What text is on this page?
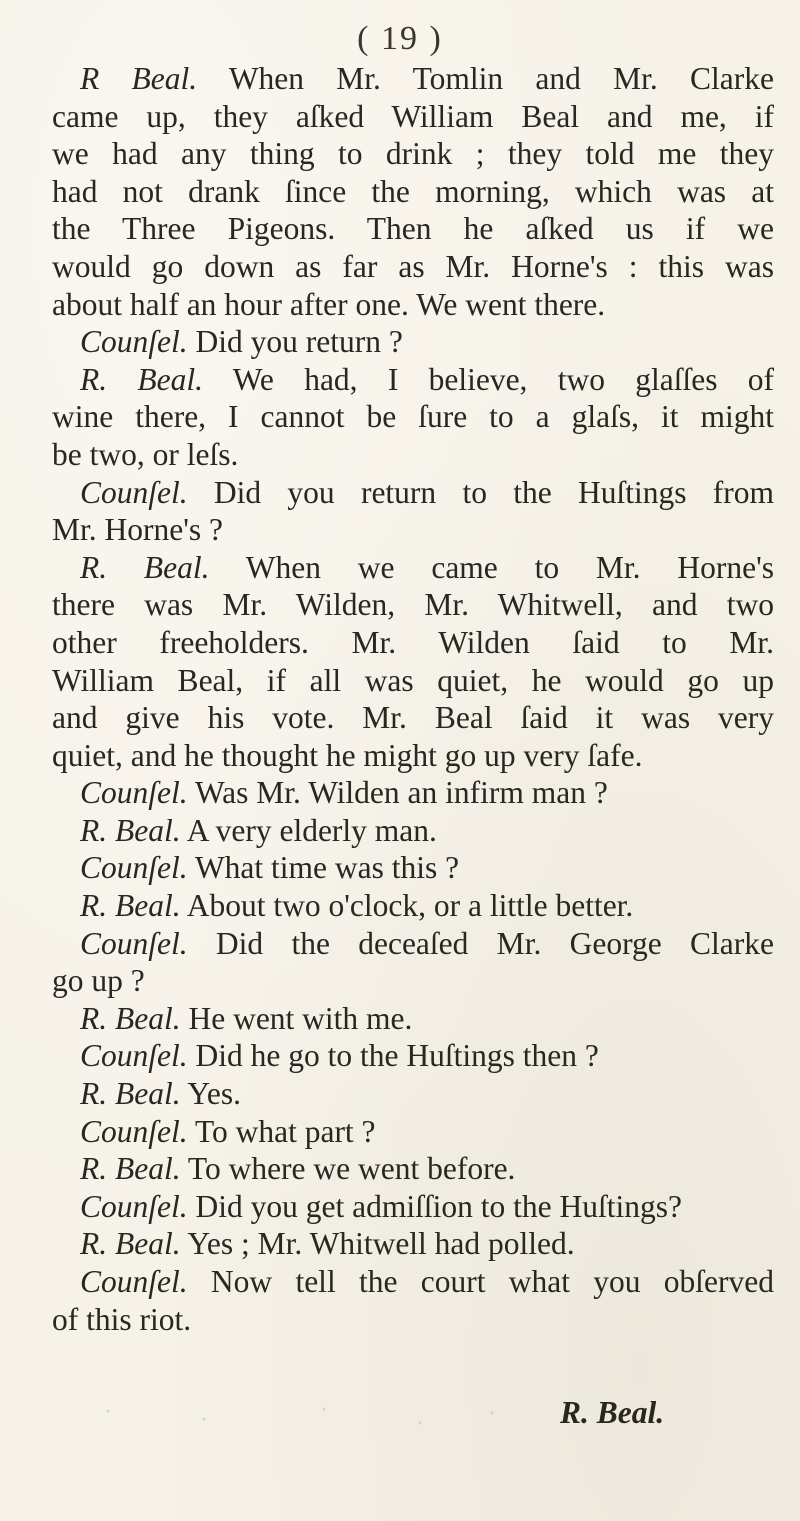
( 19 )
R Beal. When Mr. Tomlin and Mr. Clarke
came up, they aſked William Beal and me, if
we had any thing to drink ; they told me they
had not drank ſince the morning, which was at
the Three Pigeons. Then he aſked us if we
would go down as far as Mr. Horne's : this was
about half an hour after one. We went there.
Counſel. Did you return ?
R. Beal. We had, I believe, two glaſſes of
wine there, I cannot be ſure to a glaſs, it might
be two, or leſs.
Counſel. Did you return to the Huſtings from
Mr. Horne's ?
R. Beal. When we came to Mr. Horne's
there was Mr. Wilden, Mr. Whitwell, and two
other freeholders. Mr. Wilden ſaid to Mr.
William Beal, if all was quiet, he would go up
and give his vote. Mr. Beal ſaid it was very
quiet, and he thought he might go up very ſafe.
Counſel. Was Mr. Wilden an infirm man ?
R. Beal. A very elderly man.
Counſel. What time was this ?
R. Beal. About two o'clock, or a little better.
Counſel. Did the deceaſed Mr. George Clarke
go up ?
R. Beal. He went with me.
Counſel. Did he go to the Huſtings then ?
R. Beal. Yes.
Counſel. To what part ?
R. Beal. To where we went before.
Counſel. Did you get admiſſion to the Huſtings?
R. Beal. Yes ; Mr. Whitwell had polled.
Counſel. Now tell the court what you obſerved
of this riot.
R. Beal.
